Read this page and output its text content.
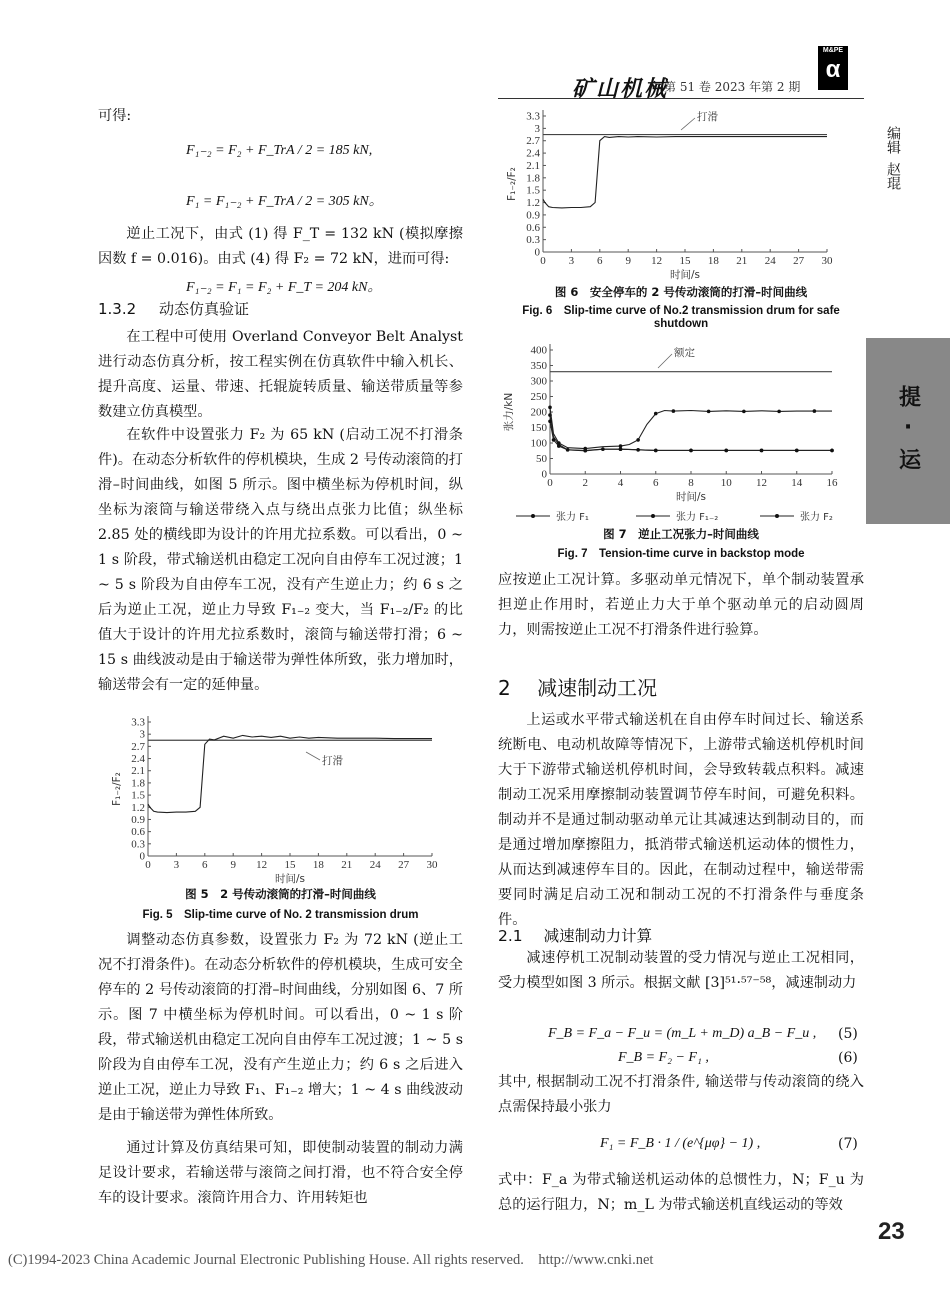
矿山机械
第 51 卷 2023 年第 2 期
M&PE
α
编辑
赵琨
提·运
23
(C)1994-2023 China Academic Journal Electronic Publishing House. All rights reserved.    http://www.cnki.net
可得:
F₁₋₂ = F₂ + F_TrA / 2 = 185 kN,
F₁ = F₁₋₂ + F_TrA / 2 = 305 kN。
逆止工况下，由式 (1) 得 F_T = 132 kN (模拟摩擦因数 f = 0.016)。由式 (4) 得 F₂ = 72 kN，进而可得:
F₁₋₂ = F₁ = F₂ + F_T = 204 kN。
1.3.2 动态仿真验证
在工程中可使用 Overland Conveyor Belt Analyst 进行动态仿真分析，按工程实例在仿真软件中输入机长、提升高度、运量、带速、托辊旋转质量、输送带质量等参数建立仿真模型。
在软件中设置张力 F₂ 为 65 kN (启动工况不打滑条件)。在动态分析软件的停机模块，生成 2 号传动滚筒的打滑–时间曲线，如图 5 所示。图中横坐标为停机时间，纵坐标为滚筒与输送带绕入点与绕出点张力比值；纵坐标 2.85 处的横线即为设计的许用尤拉系数。可以看出，0 ~ 1 s 阶段，带式输送机由稳定工况向自由停车工况过渡；1 ~ 5 s 阶段为自由停车工况，没有产生逆止力；约 6 s 之后为逆止工况，逆止力导致 F₁₋₂ 变大，当 F₁₋₂/F₂ 的比值大于设计的许用尤拉系数时，滚筒与输送带打滑；6 ~ 15 s 曲线波动是由于输送带为弹性体所致，张力增加时，输送带会有一定的延伸量。
0 3 6 9 12 15 18 21 24 27 30
0
0.3
0.6
0.9
1.2
1.5
1.8
2.1
2.4
2.7
3
3.3
时间/s
F₁₋₂/F₂
打滑
图 5　2 号传动滚筒的打滑–时间曲线
Fig. 5　Slip-time curve of No. 2 transmission drum
调整动态仿真参数，设置张力 F₂ 为 72 kN (逆止工况不打滑条件)。在动态分析软件的停机模块，生成可安全停车的 2 号传动滚筒的打滑–时间曲线，分别如图 6、7 所示。图 7 中横坐标为停机时间。可以看出，0 ~ 1 s 阶段，带式输送机由稳定工况向自由停车工况过渡；1 ~ 5 s 阶段为自由停车工况，没有产生逆止力；约 6 s 之后进入逆止工况，逆止力导致 F₁、F₁₋₂ 增大；1 ~ 4 s 曲线波动是由于输送带为弹性体所致。
通过计算及仿真结果可知，即使制动装置的制动力满足设计要求，若输送带与滚筒之间打滑，也不符合安全停车的设计要求。滚筒许用合力、许用转矩也
0 3 6 9 12 15 18 21 24 27 30
0
0.3
0.6
0.9
1.2
1.5
1.8
2.1
2.4
2.7
3
3.3
时间/s
F₁₋₂/F₂
打滑
图 6　安全停车的 2 号传动滚筒的打滑–时间曲线
Fig. 6　Slip-time curve of No.2 transmission drum for safe shutdown
0	2	4	6	8 10 12 14 16
0
50
100
150
200
250
300
350
400
时间/s
张力/kN
额定
张力 F₁	张力 F₁₋₂	张力 F₂
图 7　逆止工况张力–时间曲线
Fig. 7　Tension-time curve in backstop mode
应按逆止工况计算。多驱动单元情况下，单个制动装置承担逆止作用时，若逆止力大于单个驱动单元的启动圆周力，则需按逆止工况不打滑条件进行验算。
2 减速制动工况
上运或水平带式输送机在自由停车时间过长、输送系统断电、电动机故障等情况下，上游带式输送机停机时间大于下游带式输送机停机时间，会导致转载点积料。减速制动工况采用摩擦制动装置调节停车时间，可避免积料。制动并不是通过制动驱动单元让其减速达到制动目的，而是通过增加摩擦阻力，抵消带式输送机运动体的惯性力，从而达到减速停车目的。因此，在制动过程中，输送带需要同时满足启动工况和制动工况的不打滑条件与垂度条件。
2.1 减速制动力计算
减速停机工况制动装置的受力情况与逆止工况相同，受力模型如图 3 所示。根据文献 [3]⁵¹·⁵⁷⁻⁵⁸，减速制动力
F_B = F_a − F_u = (m_L + m_D) a_B − F_u , (5)
F_B = F₂ − F₁ ,	(6)
其中, 根据制动工况不打滑条件, 输送带与传动滚筒的绕入点需保持最小张力
F₁ = F_B · 1 / (e^{μφ} − 1) ,	(7)
式中：F_a 为带式输送机运动体的总惯性力，N；F_u 为总的运行阻力，N；m_L 为带式输送机直线运动的等效
